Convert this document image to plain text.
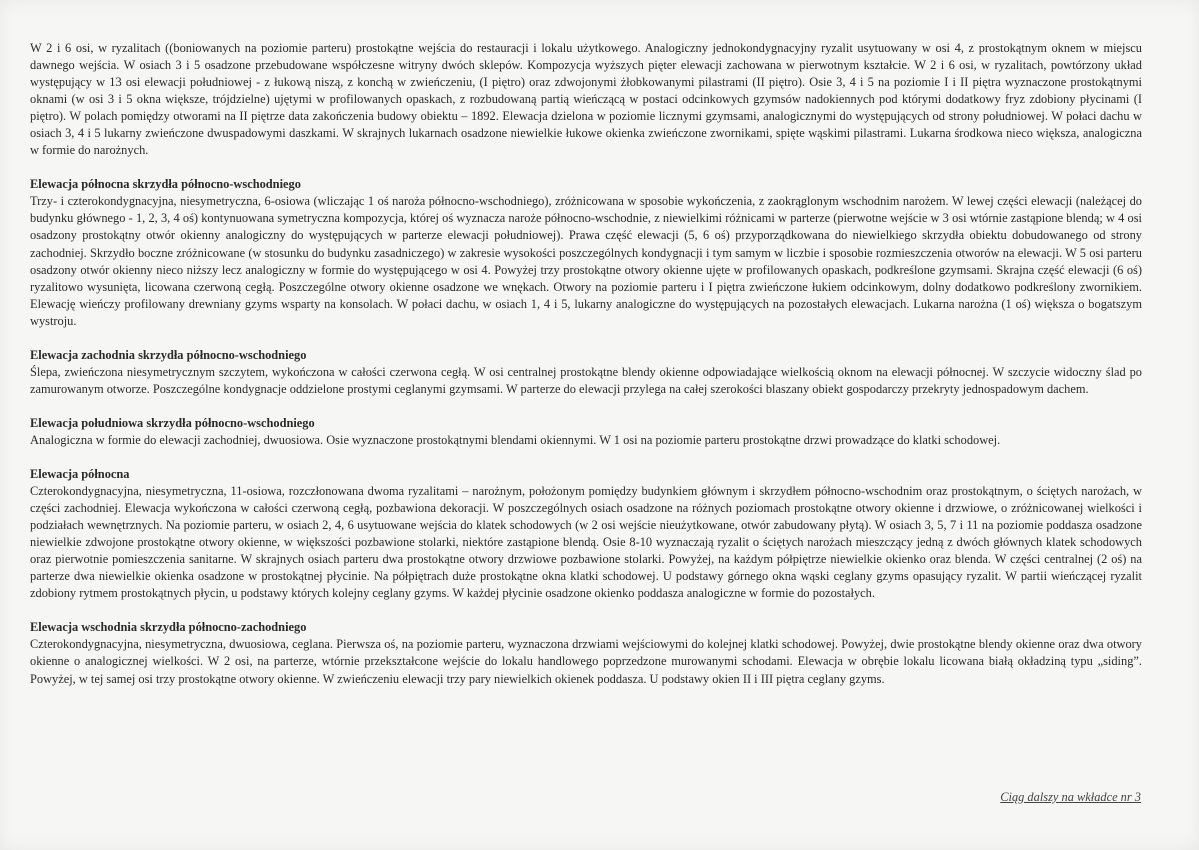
W 2 i 6 osi, w ryzalitach ((boniowanych na poziomie parteru) prostokątne wejścia do restauracji i lokalu użytkowego. Analogiczny jednokondygnacyjny ryzalit usytuowany w osi 4, z prostokątnym oknem w miejscu dawnego wejścia. W osiach 3 i 5 osadzone przebudowane współczesne witryny dwóch sklepów. Kompozycja wyższych pięter elewacji zachowana w pierwotnym kształcie. W 2 i 6 osi, w ryzalitach, powtórzony układ występujący w 13 osi elewacji południowej - z łukową niszą, z konchą w zwieńczeniu, (I piętro) oraz zdwojonymi żłobkowanymi pilastrami (II piętro). Osie 3, 4 i 5 na poziomie I i II piętra wyznaczone prostokątnymi oknami (w osi 3 i 5 okna większe, trójdzielne) ujętymi w profilowanych opaskach, z rozbudowaną partią wieńczącą w postaci odcinkowych gzymsów nadokiennych pod którymi dodatkowy fryz zdobiony płycinami (I piętro). W polach pomiędzy otworami na II piętrze data zakończenia budowy obiektu – 1892. Elewacja dzielona w poziomie licznymi gzymsami, analogicznymi do występujących od strony południowej. W połaci dachu w osiach 3, 4 i 5 lukarny zwieńczone dwuspadowymi daszkami. W skrajnych lukarnach osadzone niewielkie łukowe okienka zwieńczone zwornikami, spięte wąskimi pilastrami. Lukarna środkowa nieco większa, analogiczna w formie do narożnych.

Elewacja północna skrzydła północno-wschodniego

Trzy- i czterokondygnacyjna, niesymetryczna, 6-osiowa (wliczając 1 oś naroża północno-wschodniego), zróżnicowana w sposobie wykończenia, z zaokrąglonym wschodnim narożem. W lewej części elewacji (należącej do budynku głównego - 1, 2, 3, 4 oś) kontynuowana symetryczna kompozycja, której oś wyznacza naroże północno-wschodnie, z niewielkimi różnicami w parterze (pierwotne wejście w 3 osi wtórnie zastąpione blendą; w 4 osi osadzony prostokątny otwór okienny analogiczny do występujących w parterze elewacji południowej). Prawa część elewacji (5, 6 oś) przyporządkowana do niewielkiego skrzydła obiektu dobudowanego od strony zachodniej. Skrzydło boczne zróżnicowane (w stosunku do budynku zasadniczego) w zakresie wysokości poszczególnych kondygnacji i tym samym w liczbie i sposobie rozmieszczenia otworów na elewacji. W 5 osi parteru osadzony otwór okienny nieco niższy lecz analogiczny w formie do występującego w osi 4. Powyżej trzy prostokątne otwory okienne ujęte w profilowanych opaskach, podkreślone gzymsami. Skrajna część elewacji (6 oś) ryzalitowo wysunięta, licowana czerwoną cegłą. Poszczególne otwory okienne osadzone we wnękach. Otwory na poziomie parteru i I piętra zwieńczone łukiem odcinkowym, dolny dodatkowo podkreślony zwornikiem. Elewację wieńczy profilowany drewniany gzyms wsparty na konsolach. W połaci dachu, w osiach 1, 4 i 5, lukarny analogiczne do występujących na pozostałych elewacjach. Lukarna narożna (1 oś) większa o bogatszym wystroju.

Elewacja zachodnia skrzydła północno-wschodniego

Ślepa, zwieńczona niesymetrycznym szczytem, wykończona w całości czerwona cegłą. W osi centralnej prostokątne blendy okienne odpowiadające wielkością oknom na elewacji północnej. W szczycie widoczny ślad po zamurowanym otworze. Poszczególne kondygnacje oddzielone prostymi ceglanymi gzymsami. W parterze do elewacji przylega na całej szerokości blaszany obiekt gospodarczy przekryty jednospadowym dachem.

Elewacja południowa skrzydła północno-wschodniego

Analogiczna w formie do elewacji zachodniej, dwuosiowa. Osie wyznaczone prostokątnymi blendami okiennymi. W 1 osi na poziomie parteru prostokątne drzwi prowadzące do klatki schodowej.

Elewacja północna

Czterokondygnacyjna, niesymetryczna, 11-osiowa, rozczłonowana dwoma ryzalitami – narożnym, położonym pomiędzy budynkiem głównym i skrzydłem północno-wschodnim oraz prostokątnym, o ściętych narożach, w części zachodniej. Elewacja wykończona w całości czerwoną cegłą, pozbawiona dekoracji. W poszczególnych osiach osadzone na różnych poziomach prostokątne otwory okienne i drzwiowe, o zróżnicowanej wielkości i podziałach wewnętrznych. Na poziomie parteru, w osiach 2, 4, 6 usytuowane wejścia do klatek schodowych (w 2 osi wejście nieużytkowane, otwór zabudowany płytą). W osiach 3, 5, 7 i 11 na poziomie poddasza osadzone niewielkie zdwojone prostokątne otwory okienne, w większości pozbawione stolarki, niektóre zastąpione blendą. Osie 8-10 wyznaczają ryzalit o ściętych narożach mieszczący jedną z dwóch głównych klatek schodowych oraz pierwotnie pomieszczenia sanitarne. W skrajnych osiach parteru dwa prostokątne otwory drzwiowe pozbawione stolarki. Powyżej, na każdym półpiętrze niewielkie okienko oraz blenda. W części centralnej (2 oś) na parterze dwa niewielkie okienka osadzone w prostokątnej płycinie. Na półpiętrach duże prostokątne okna klatki schodowej. U podstawy górnego okna wąski ceglany gzyms opasujący ryzalit. W partii wieńczącej ryzalit zdobiony rytmem prostokątnych płycin, u podstawy których kolejny ceglany gzyms. W każdej płycinie osadzone okienko poddasza analogiczne w formie do pozostałych.

Elewacja wschodnia skrzydła północno-zachodniego

Czterokondygnacyjna, niesymetryczna, dwuosiowa, ceglana. Pierwsza oś, na poziomie parteru, wyznaczona drzwiami wejściowymi do kolejnej klatki schodowej. Powyżej, dwie prostokątne blendy okienne oraz dwa otwory okienne o analogicznej wielkości. W 2 osi, na parterze, wtórnie przekształcone wejście do lokalu handlowego poprzedzone murowanymi schodami. Elewacja w obrębie lokalu licowana białą okładziną typu „siding”. Powyżej, w tej samej osi trzy prostokątne otwory okienne. W zwieńczeniu elewacji trzy pary niewielkich okienek poddasza. U podstawy okien II i III piętra ceglany gzyms.

Ciąg dalszy na wkładce nr 3
